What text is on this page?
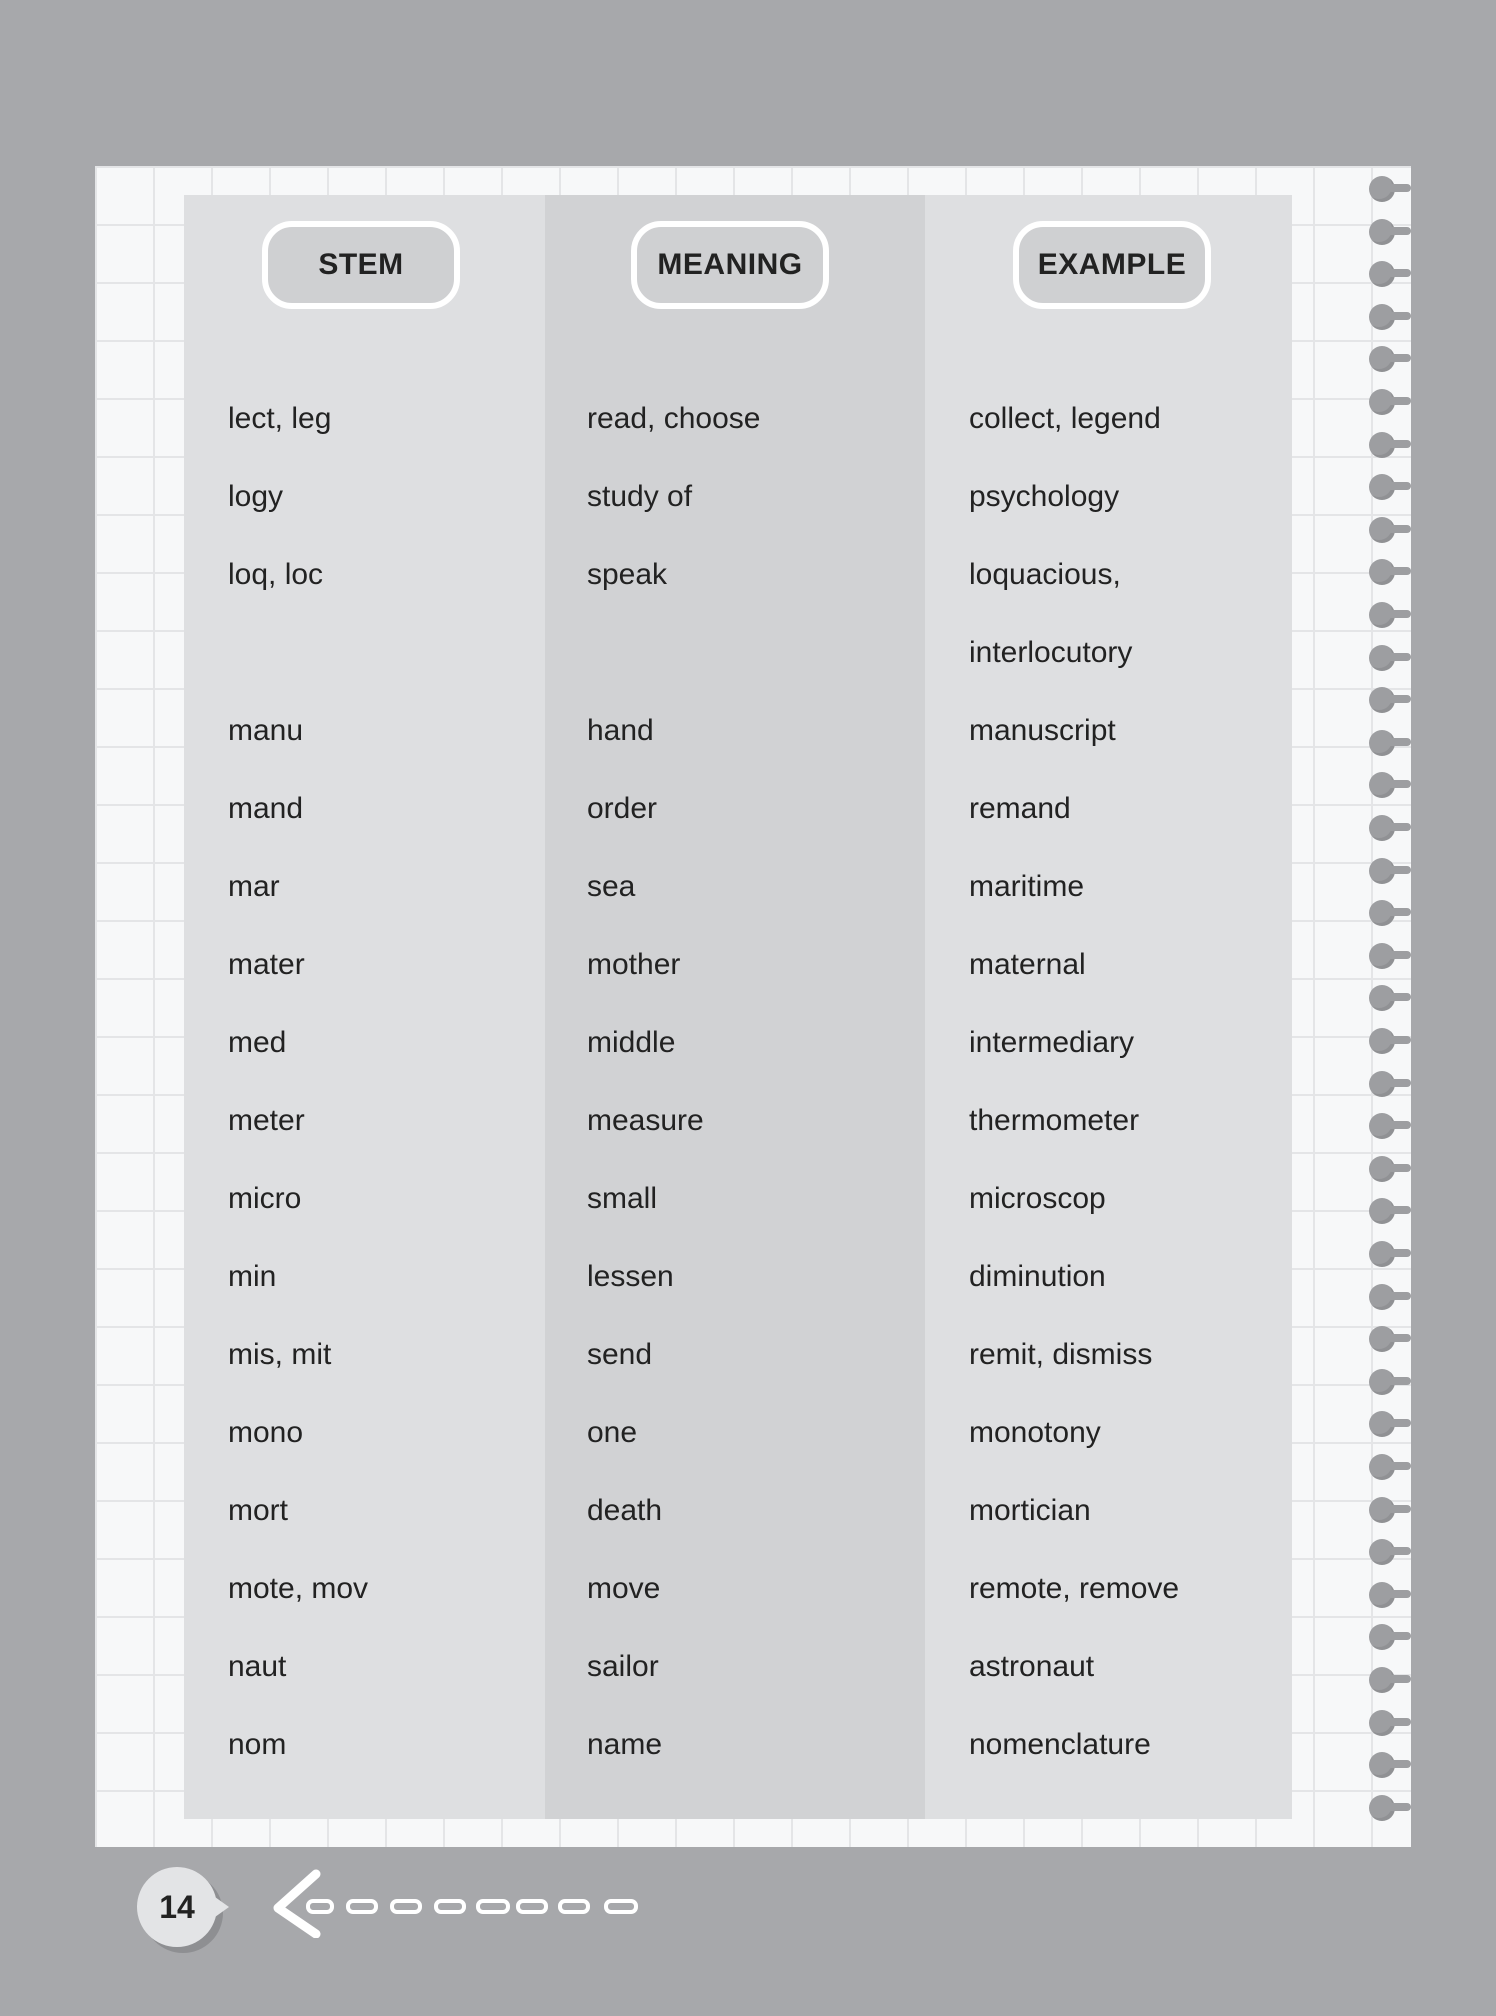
STEM	MEANING	EXAMPLE
lect, leg	read, choose	collect, legend
logy	study of	psychology
loq, loc	speak	loquacious,
interlocutory
manu	hand	manuscript
mand	order	remand
mar	sea	maritime
mater	mother	maternal
med	middle	intermediary
meter	measure	thermometer
micro	small	microscop
min	lessen	diminution
mis, mit	send	remit, dismiss
mono	one	monotony
mort	death	mortician
mote, mov	move	remote, remove
naut	sailor	astronaut
nom	name	nomenclature
14
